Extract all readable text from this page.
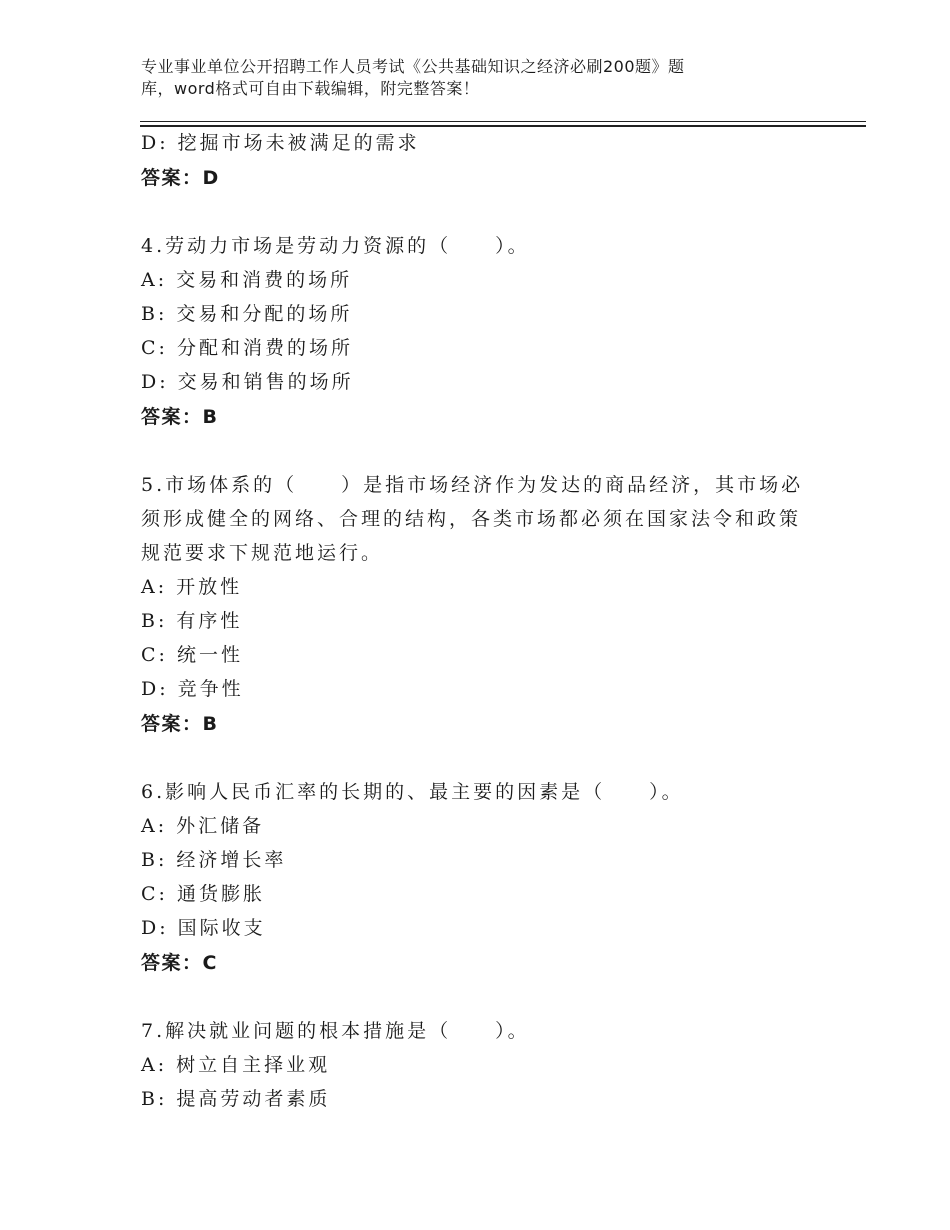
专业事业单位公开招聘工作人员考试《公共基础知识之经济必刷200题》题
库，word格式可自由下载编辑，附完整答案！
D: 挖掘市场未被满足的需求
答案：D
4.劳动力市场是劳动力资源的（　　）。
A: 交易和消费的场所
B: 交易和分配的场所
C: 分配和消费的场所
D: 交易和销售的场所
答案：B
5.市场体系的（　　）是指市场经济作为发达的商品经济，其市场必
须形成健全的网络、合理的结构，各类市场都必须在国家法令和政策
规范要求下规范地运行。
A: 开放性
B: 有序性
C: 统一性
D: 竞争性
答案：B
6.影响人民币汇率的长期的、最主要的因素是（　　）。
A: 外汇储备
B: 经济增长率
C: 通货膨胀
D: 国际收支
答案：C
7.解决就业问题的根本措施是（　　）。
A: 树立自主择业观
B: 提高劳动者素质
